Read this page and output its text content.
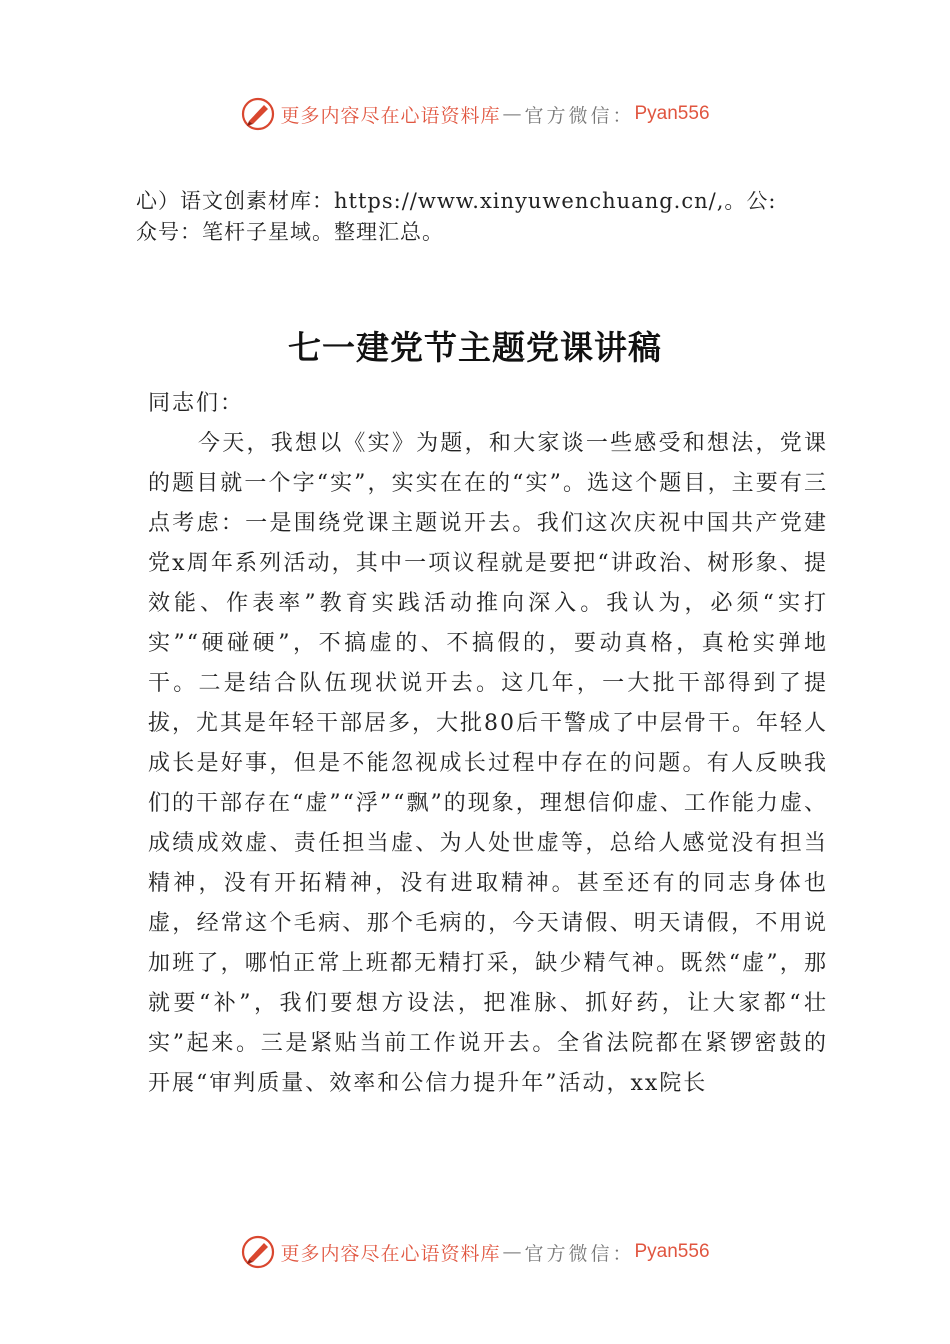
更多内容尽在心语资料库 — 官方微信： Pyan556

心）语文创素材库：https://www.xinyuwenchuang.cn/,。公:

众号：笔杆子星域。整理汇总。

七一建党节主题党课讲稿

同志们：

今天，我想以《实》为题，和大家谈一些感受和想法，党课的题目就一个字“实”，实实在在的“实”。选这个题目，主要有三点考虑：一是围绕党课主题说开去。我们这次庆祝中国共产党建党x周年系列活动，其中一项议程就是要把“讲政治、树形象、提效能、作表率”教育实践活动推向深入。我认为，必须“实打实”“硬碰硬”，不搞虚的、不搞假的，要动真格，真枪实弹地干。二是结合队伍现状说开去。这几年，一大批干部得到了提拔，尤其是年轻干部居多，大批80后干警成了中层骨干。年轻人成长是好事，但是不能忽视成长过程中存在的问题。有人反映我们的干部存在“虚”“浮”“飘”的现象，理想信仰虚、工作能力虚、成绩成效虚、责任担当虚、为人处世虚等，总给人感觉没有担当精神，没有开拓精神，没有进取精神。甚至还有的同志身体也虚，经常这个毛病、那个毛病的，今天请假、明天请假，不用说加班了，哪怕正常上班都无精打采，缺少精气神。既然“虚”，那就要“补”，我们要想方设法，把准脉、抓好药，让大家都“壮实”起来。三是紧贴当前工作说开去。全省法院都在紧锣密鼓的开展“审判质量、效率和公信力提升年”活动，xx院长

更多内容尽在心语资料库 — 官方微信： Pyan556
